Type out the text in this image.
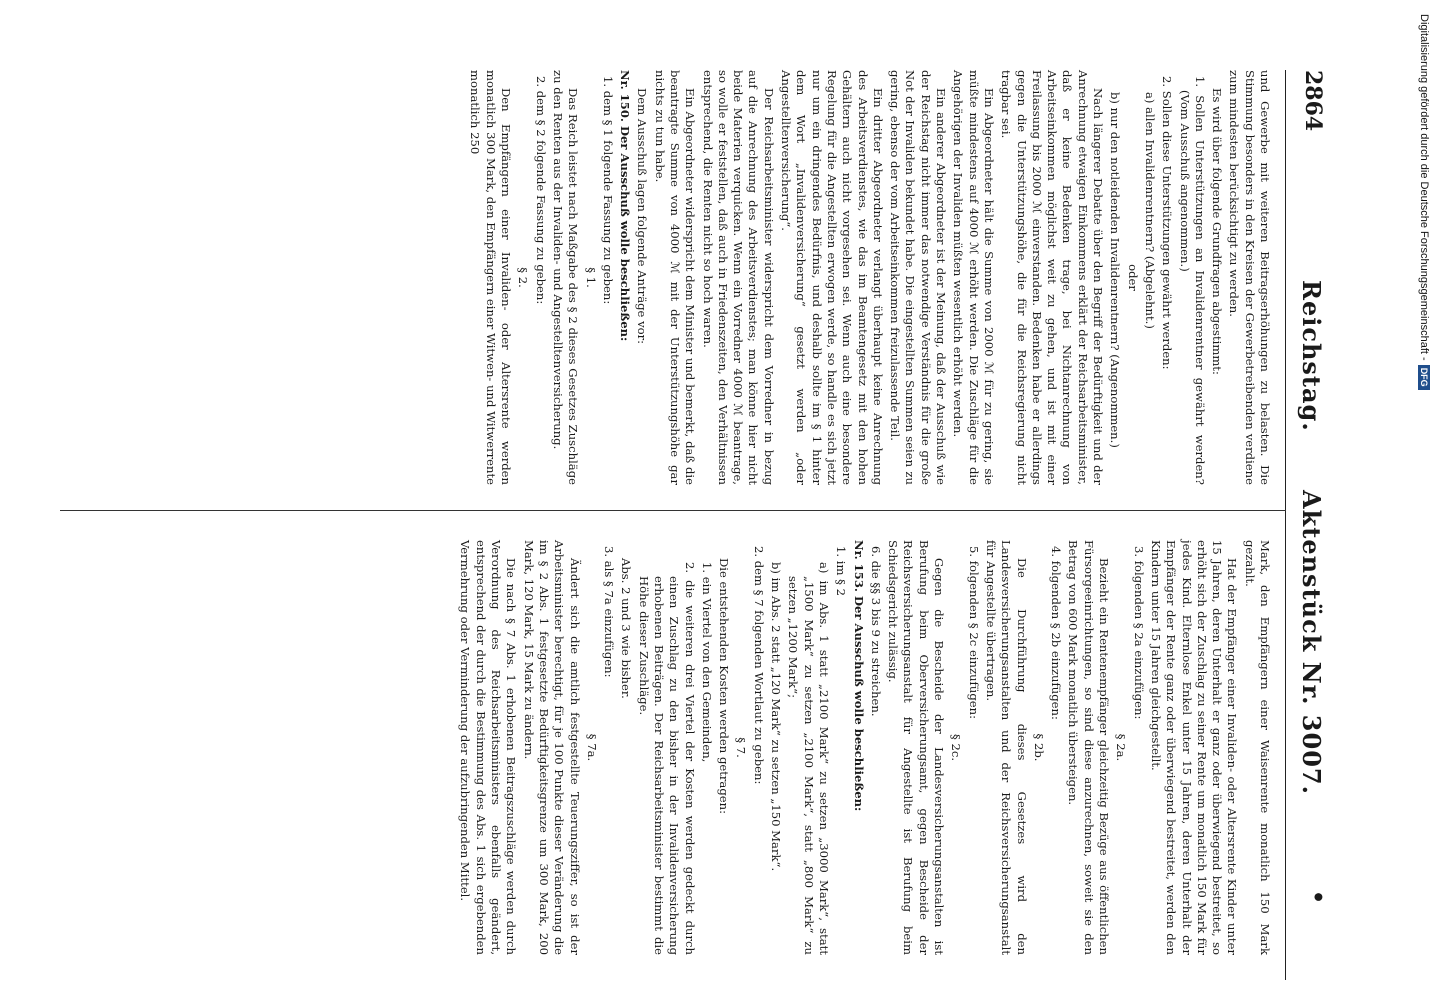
2864
Reichstag.
Aktenstück Nr. 3007.
•

und Gewerbe mit weiteren Beitragserhöhungen zu belasten. Die Stimmung besonders in den Kreisen der Gewerbetreibenden verdiene zum mindesten berücksichtigt zu werden.

Es wird über folgende Grundfragen abgestimmt:

1. Sollen Unterstützungen an Invalidenrentner gewährt werden? (Vom Ausschuß angenommen.)

2. Sollen diese Unterstützungen gewährt werden:

a) allen Invalidenrentnern? (Abgelehnt.)

oder

b) nur den notleidenden Invalidenrentnern? (Angenommen.)

Nach längerer Debatte über den Begriff der Bedürftigkeit und der Anrechnung etwaigen Einkommens erklärt der Reichsarbeitsminister, daß er keine Bedenken trage, bei Nichtanrechnung von Arbeitseinkommen möglichst weit zu gehen, und ist mit einer Freilassung bis 2000 ℳ einverstanden. Bedenken habe er allerdings gegen die Unterstützungshöhe, die für die Reichsregierung nicht tragbar sei.

Ein Abgeordneter hält die Summe von 2000 ℳ für zu gering, sie müßte mindestens auf 4000 ℳ erhöht werden. Die Zuschläge für die Angehörigen der Invaliden müßten wesentlich erhöht werden.

Ein anderer Abgeordneter ist der Meinung, daß der Ausschuß wie der Reichstag nicht immer das notwendige Verständnis für die große Not der Invaliden bekundet habe. Die eingestellten Summen seien zu gering, ebenso der vom Arbeitseinkommen freizulassende Teil.

Ein dritter Abgeordneter verlangt überhaupt keine Anrechnung des Arbeitsverdienstes, wie das im Beamtengesetz mit den hohen Gehältern auch nicht vorgesehen sei. Wenn auch eine besondere Regelung für die Angestellten erwogen werde, so handle es sich jetzt nur um ein dringendes Bedürfnis, und deshalb sollte im § 1 hinter dem Wort „Invalidenversicherung“ gesetzt werden „oder Angestelltenversicherung“.

Der Reichsarbeitsminister widerspricht dem Vorredner in bezug auf die Anrechnung des Arbeitsverdienstes; man könne hier nicht beide Materien verquicken. Wenn ein Vorredner 4000 ℳ beantrage, so wolle er feststellen, daß auch in Friedenszeiten, den Verhältnissen entsprechend, die Renten nicht so hoch waren.

Ein Abgeordneter widerspricht dem Minister und bemerkt, daß die beantragte Summe von 4000 ℳ mit der Unterstützungshöhe gar nichts zu tun habe.

Dem Ausschuß lagen folgende Anträge vor:

Nr. 150. Der Ausschuß wolle beschließen:

1. dem § 1 folgende Fassung zu geben:

§ 1.

Das Reich leistet nach Maßgabe des § 2 dieses Gesetzes Zuschläge zu den Renten aus der Invaliden- und Angestelltenversicherung.

2. dem § 2 folgende Fassung zu geben:

§ 2.

Den Empfängern einer Invaliden- oder Altersrente werden monatlich 300 Mark, den Empfängern einer Witwen- und Witwerrente monatlich 250

Mark, den Empfängern einer Waisenrente monatlich 150 Mark gezahlt.

Hat der Empfänger einer Invaliden- oder Altersrente Kinder unter 15 Jahren, deren Unterhalt er ganz oder überwiegend bestreitet, so erhöht sich der Zuschlag zu seiner Rente um monatlich 150 Mark für jedes Kind. Elternlose Enkel unter 15 Jahren, deren Unterhalt der Empfänger der Rente ganz oder überwiegend bestreitet, werden den Kindern unter 15 Jahren gleichgestellt.

3. folgenden § 2a einzufügen:

§ 2a.

Bezieht ein Rentenempfänger gleichzeitig Bezüge aus öffentlichen Fürsorgeeinrichtungen, so sind diese anzurechnen, soweit sie den Betrag von 600 Mark monatlich übersteigen.

4. folgenden § 2b einzufügen:

§ 2b.

Die Durchführung dieses Gesetzes wird den Landesversicherungsanstalten und der Reichsversicherungsanstalt für Angestellte übertragen.

5. folgenden § 2c einzufügen:

§ 2c.

Gegen die Bescheide der Landesversicherungsanstalten ist Berufung beim Oberversicherungsamt, gegen Bescheide der Reichsversicherungsanstalt für Angestellte ist Berufung beim Schiedsgericht zulässig.

6. die §§ 3 bis 9 zu streichen.

Nr. 153. Der Ausschuß wolle beschließen:

1. im § 2

a) im Abs. 1 statt „2100 Mark“ zu setzen „3000 Mark“, statt „1500 Mark“ zu setzen „2100 Mark“, statt „800 Mark“ zu setzen „1200 Mark“;

b) im Abs. 2 statt „120 Mark“ zu setzen „150 Mark“.

2. dem § 7 folgenden Wortlaut zu geben:

§ 7.

Die entstehenden Kosten werden getragen:

1. ein Viertel von den Gemeinden,

2. die weiteren drei Viertel der Kosten werden gedeckt durch einen Zuschlag zu den bisher in der Invalidenversicherung erhobenen Beiträgen. Der Reichsarbeitsminister bestimmt die Höhe dieser Zuschläge.

Abs. 2 und 3 wie bisher.

3. als § 7a einzufügen:

§ 7a.

Ändert sich die amtlich festgestellte Teuerungsziffer, so ist der Arbeitsminister berechtigt, für je 100 Punkte dieser Veränderung die im § 2 Abs. 1 festgesetzte Bedürftigkeitsgrenze um 300 Mark, 200 Mark, 120 Mark, 15 Mark zu ändern.

Die nach § 7 Abs. 1 erhobenen Beitragszuschläge werden durch Verordnung des Reichsarbeitsministers ebenfalls geändert, entsprechend der durch die Bestimmung des Abs. 1 sich ergebenden Vermehrung oder Verminderung der aufzubringenden Mittel.

Digitalisierung gefördert durch die Deutsche Forschungsgemeinschaft -DFG
